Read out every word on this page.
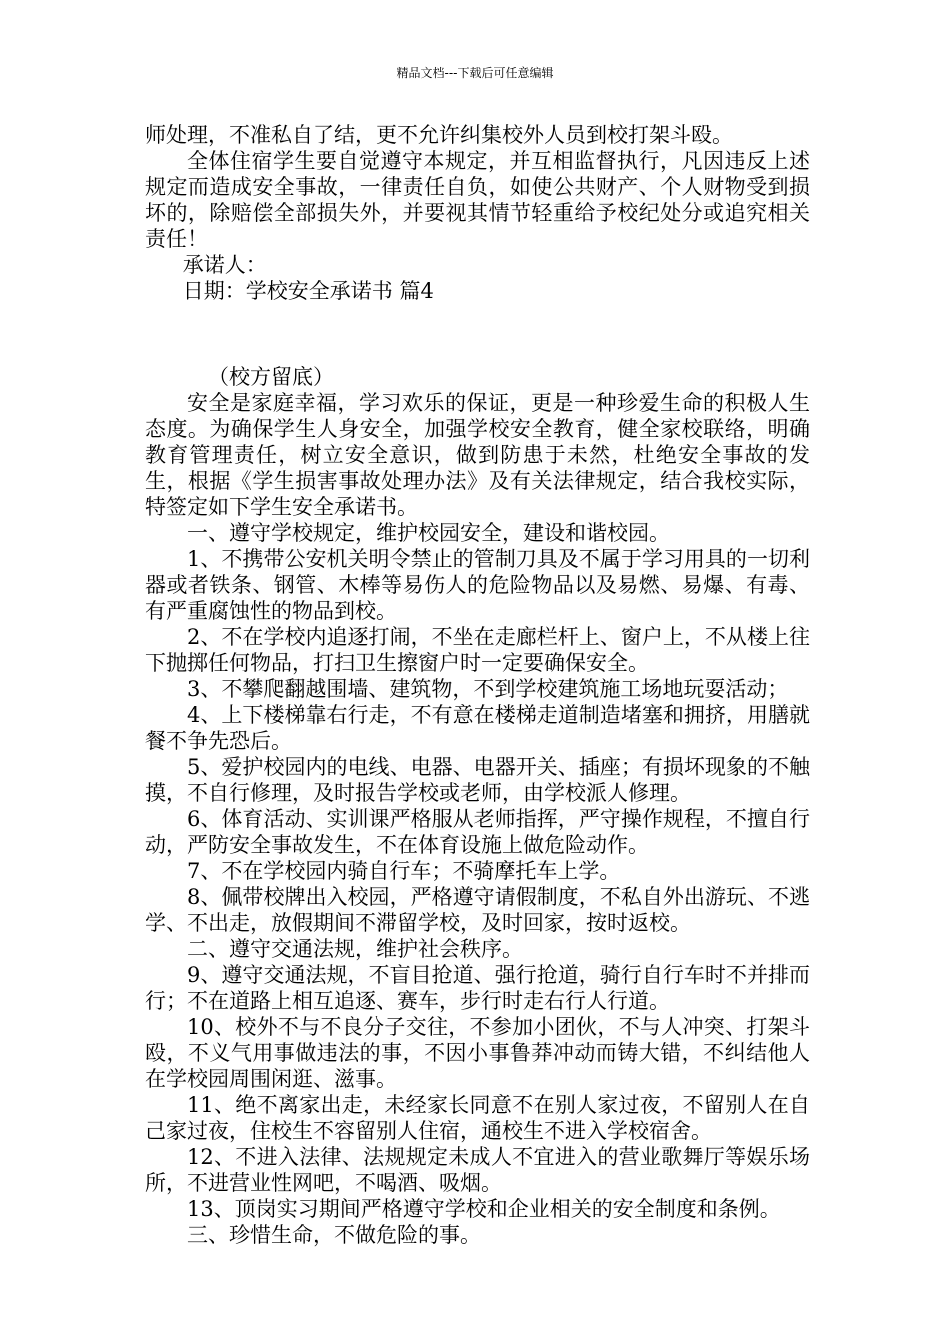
精品文档---下载后可任意编辑

师处理，不准私自了结，更不允许纠集校外人员到校打架斗殴。

全体住宿学生要自觉遵守本规定，并互相监督执行，凡因违反上述规定而造成安全事故，一律责任自负，如使公共财产、个人财物受到损坏的，除赔偿全部损失外，并要视其情节轻重给予校纪处分或追究相关责任！

承诺人：

日期：学校安全承诺书 篇4

（校方留底）

安全是家庭幸福，学习欢乐的保证，更是一种珍爱生命的积极人生态度。为确保学生人身安全，加强学校安全教育，健全家校联络，明确教育管理责任，树立安全意识，做到防患于未然，杜绝安全事故的发生，根据《学生损害事故处理办法》及有关法律规定，结合我校实际，特签定如下学生安全承诺书。

一、遵守学校规定，维护校园安全，建设和谐校园。

1、不携带公安机关明令禁止的管制刀具及不属于学习用具的一切利器或者铁条、钢管、木棒等易伤人的危险物品以及易燃、易爆、有毒、有严重腐蚀性的物品到校。

2、不在学校内追逐打闹，不坐在走廊栏杆上、窗户上，不从楼上往下抛掷任何物品，打扫卫生擦窗户时一定要确保安全。

3、不攀爬翻越围墙、建筑物，不到学校建筑施工场地玩耍活动；

4、上下楼梯靠右行走，不有意在楼梯走道制造堵塞和拥挤，用膳就餐不争先恐后。

5、爱护校园内的电线、电器、电器开关、插座；有损坏现象的不触摸，不自行修理，及时报告学校或老师，由学校派人修理。

6、体育活动、实训课严格服从老师指挥，严守操作规程，不擅自行动，严防安全事故发生，不在体育设施上做危险动作。

7、不在学校园内骑自行车；不骑摩托车上学。

8、佩带校牌出入校园，严格遵守请假制度，不私自外出游玩、不逃学、不出走，放假期间不滞留学校，及时回家，按时返校。

二、遵守交通法规，维护社会秩序。

9、遵守交通法规，不盲目抢道、强行抢道，骑行自行车时不并排而行；不在道路上相互追逐、赛车，步行时走右行人行道。

10、校外不与不良分子交往，不参加小团伙，不与人冲突、打架斗殴，不义气用事做违法的事，不因小事鲁莽冲动而铸大错，不纠结他人在学校园周围闲逛、滋事。

11、绝不离家出走，未经家长同意不在别人家过夜，不留别人在自己家过夜，住校生不容留别人住宿，通校生不进入学校宿舍。

12、不进入法律、法规规定未成人不宜进入的营业歌舞厅等娱乐场所，不进营业性网吧，不喝酒、吸烟。

13、顶岗实习期间严格遵守学校和企业相关的安全制度和条例。

三、珍惜生命，不做危险的事。
